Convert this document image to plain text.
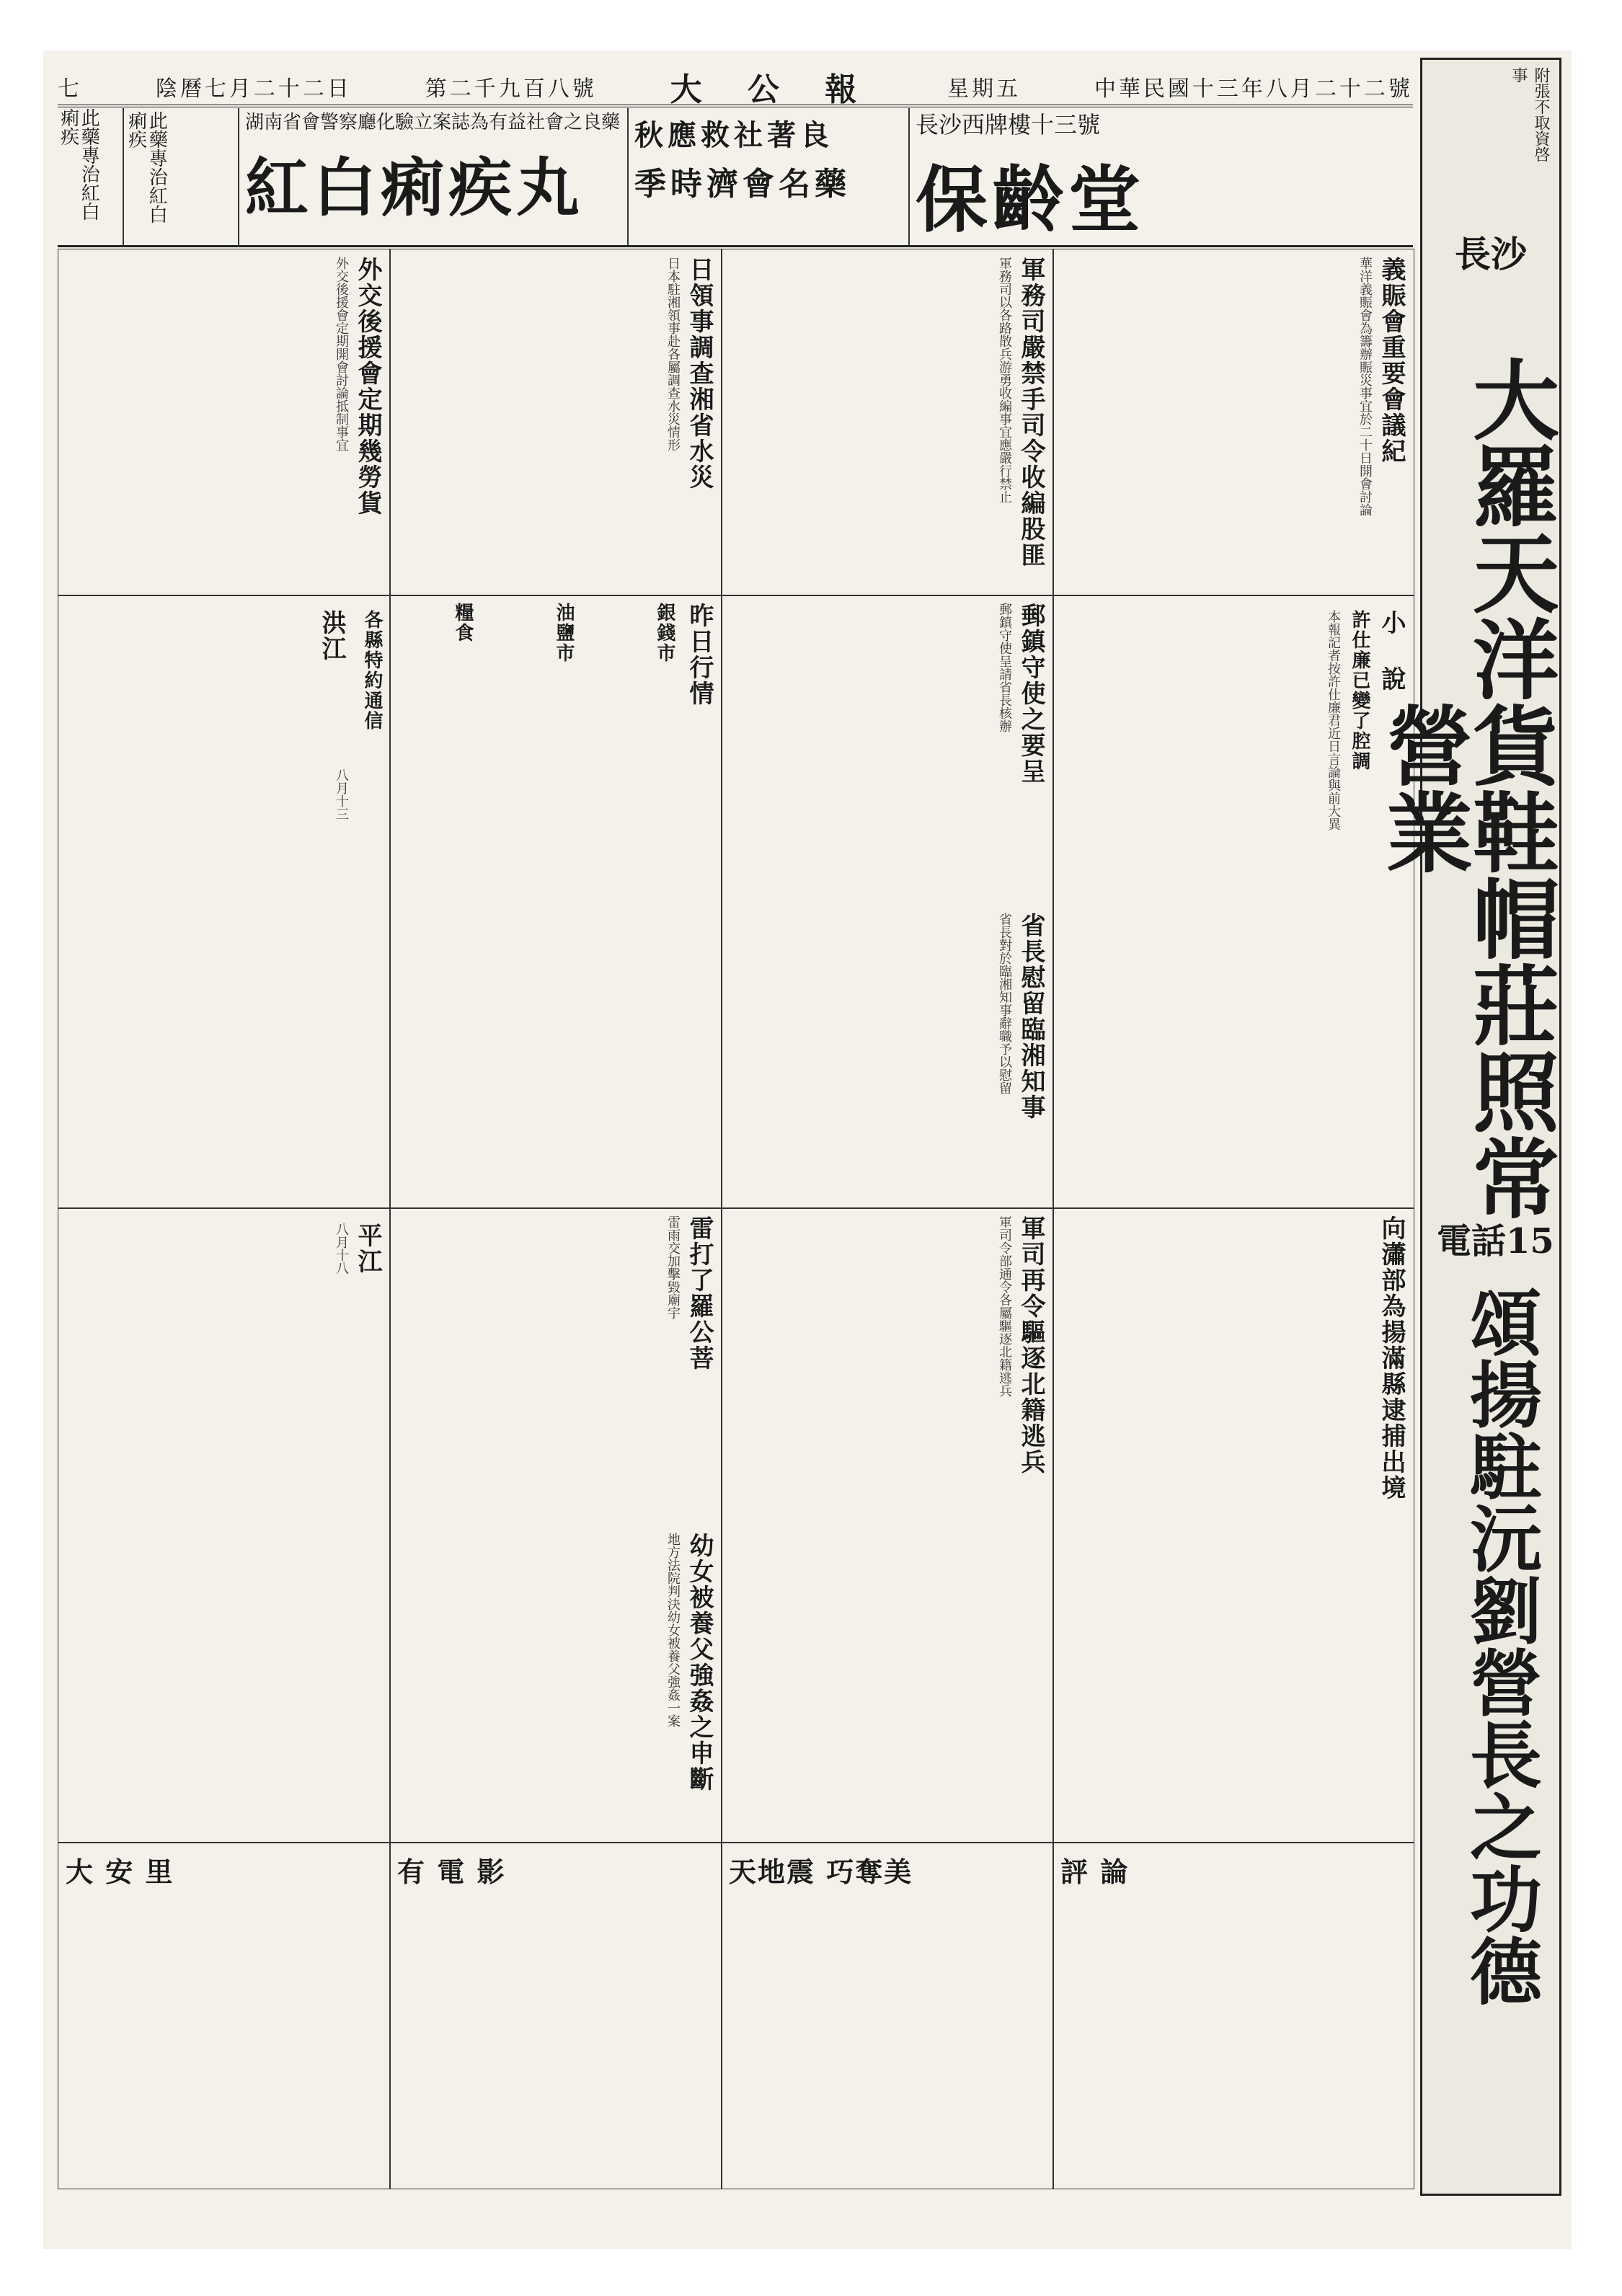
七	陰曆七月二十二日	第二千九百八號 大 公 報	星期五	中華民國十三年八月二十二號
此藥專治紅白痢疾	此藥專治紅白痢疾	湖南省會警察廳化驗立案誌為有益社會之良藥
紅白痢疾丸
秋應救社著良
季時濟會名藥
長沙西牌樓十三號
保齡堂
義賑會重要會議紀
華洋義賑會為籌辦賑災事宜於二十日開會討論
軍務司嚴禁手司令收編股匪
軍務司以各路散兵游勇收編事宜應嚴行禁止
日領事調查湘省水災
日本駐湘領事赴各屬調查水災情形
外交後援會定期幾勞貨
外交後援會定期開會討論抵制事宜
小 說
許仕廉已變了腔調
本報記者按許仕廉君近日言論與前大異
郵鎮守使之要呈
郵鎮守使呈請省長核辦
省長慰留臨湘知事
省長對於臨湘知事辭職予以慰留
昨日行情
銀錢市
油鹽市
糧食
各縣特約通信
洪江
八月十三
向瀟部為揚滿縣逮捕出境
軍司再令驅逐北籍逃兵
軍司令部通令各屬驅逐北籍逃兵
雷打了羅公菩
雷雨交加擊毀廟宇
幼女被養父強姦之申斷
地方法院判決幼女被養父強姦一案
平江
八月十八
大 安 里	有 電 影	天地震 巧奪美	評 論
附張不取資啓事
長沙
大羅天洋貨鞋帽莊照常營業
電話15
頌揚駐沅劉營長之功德
